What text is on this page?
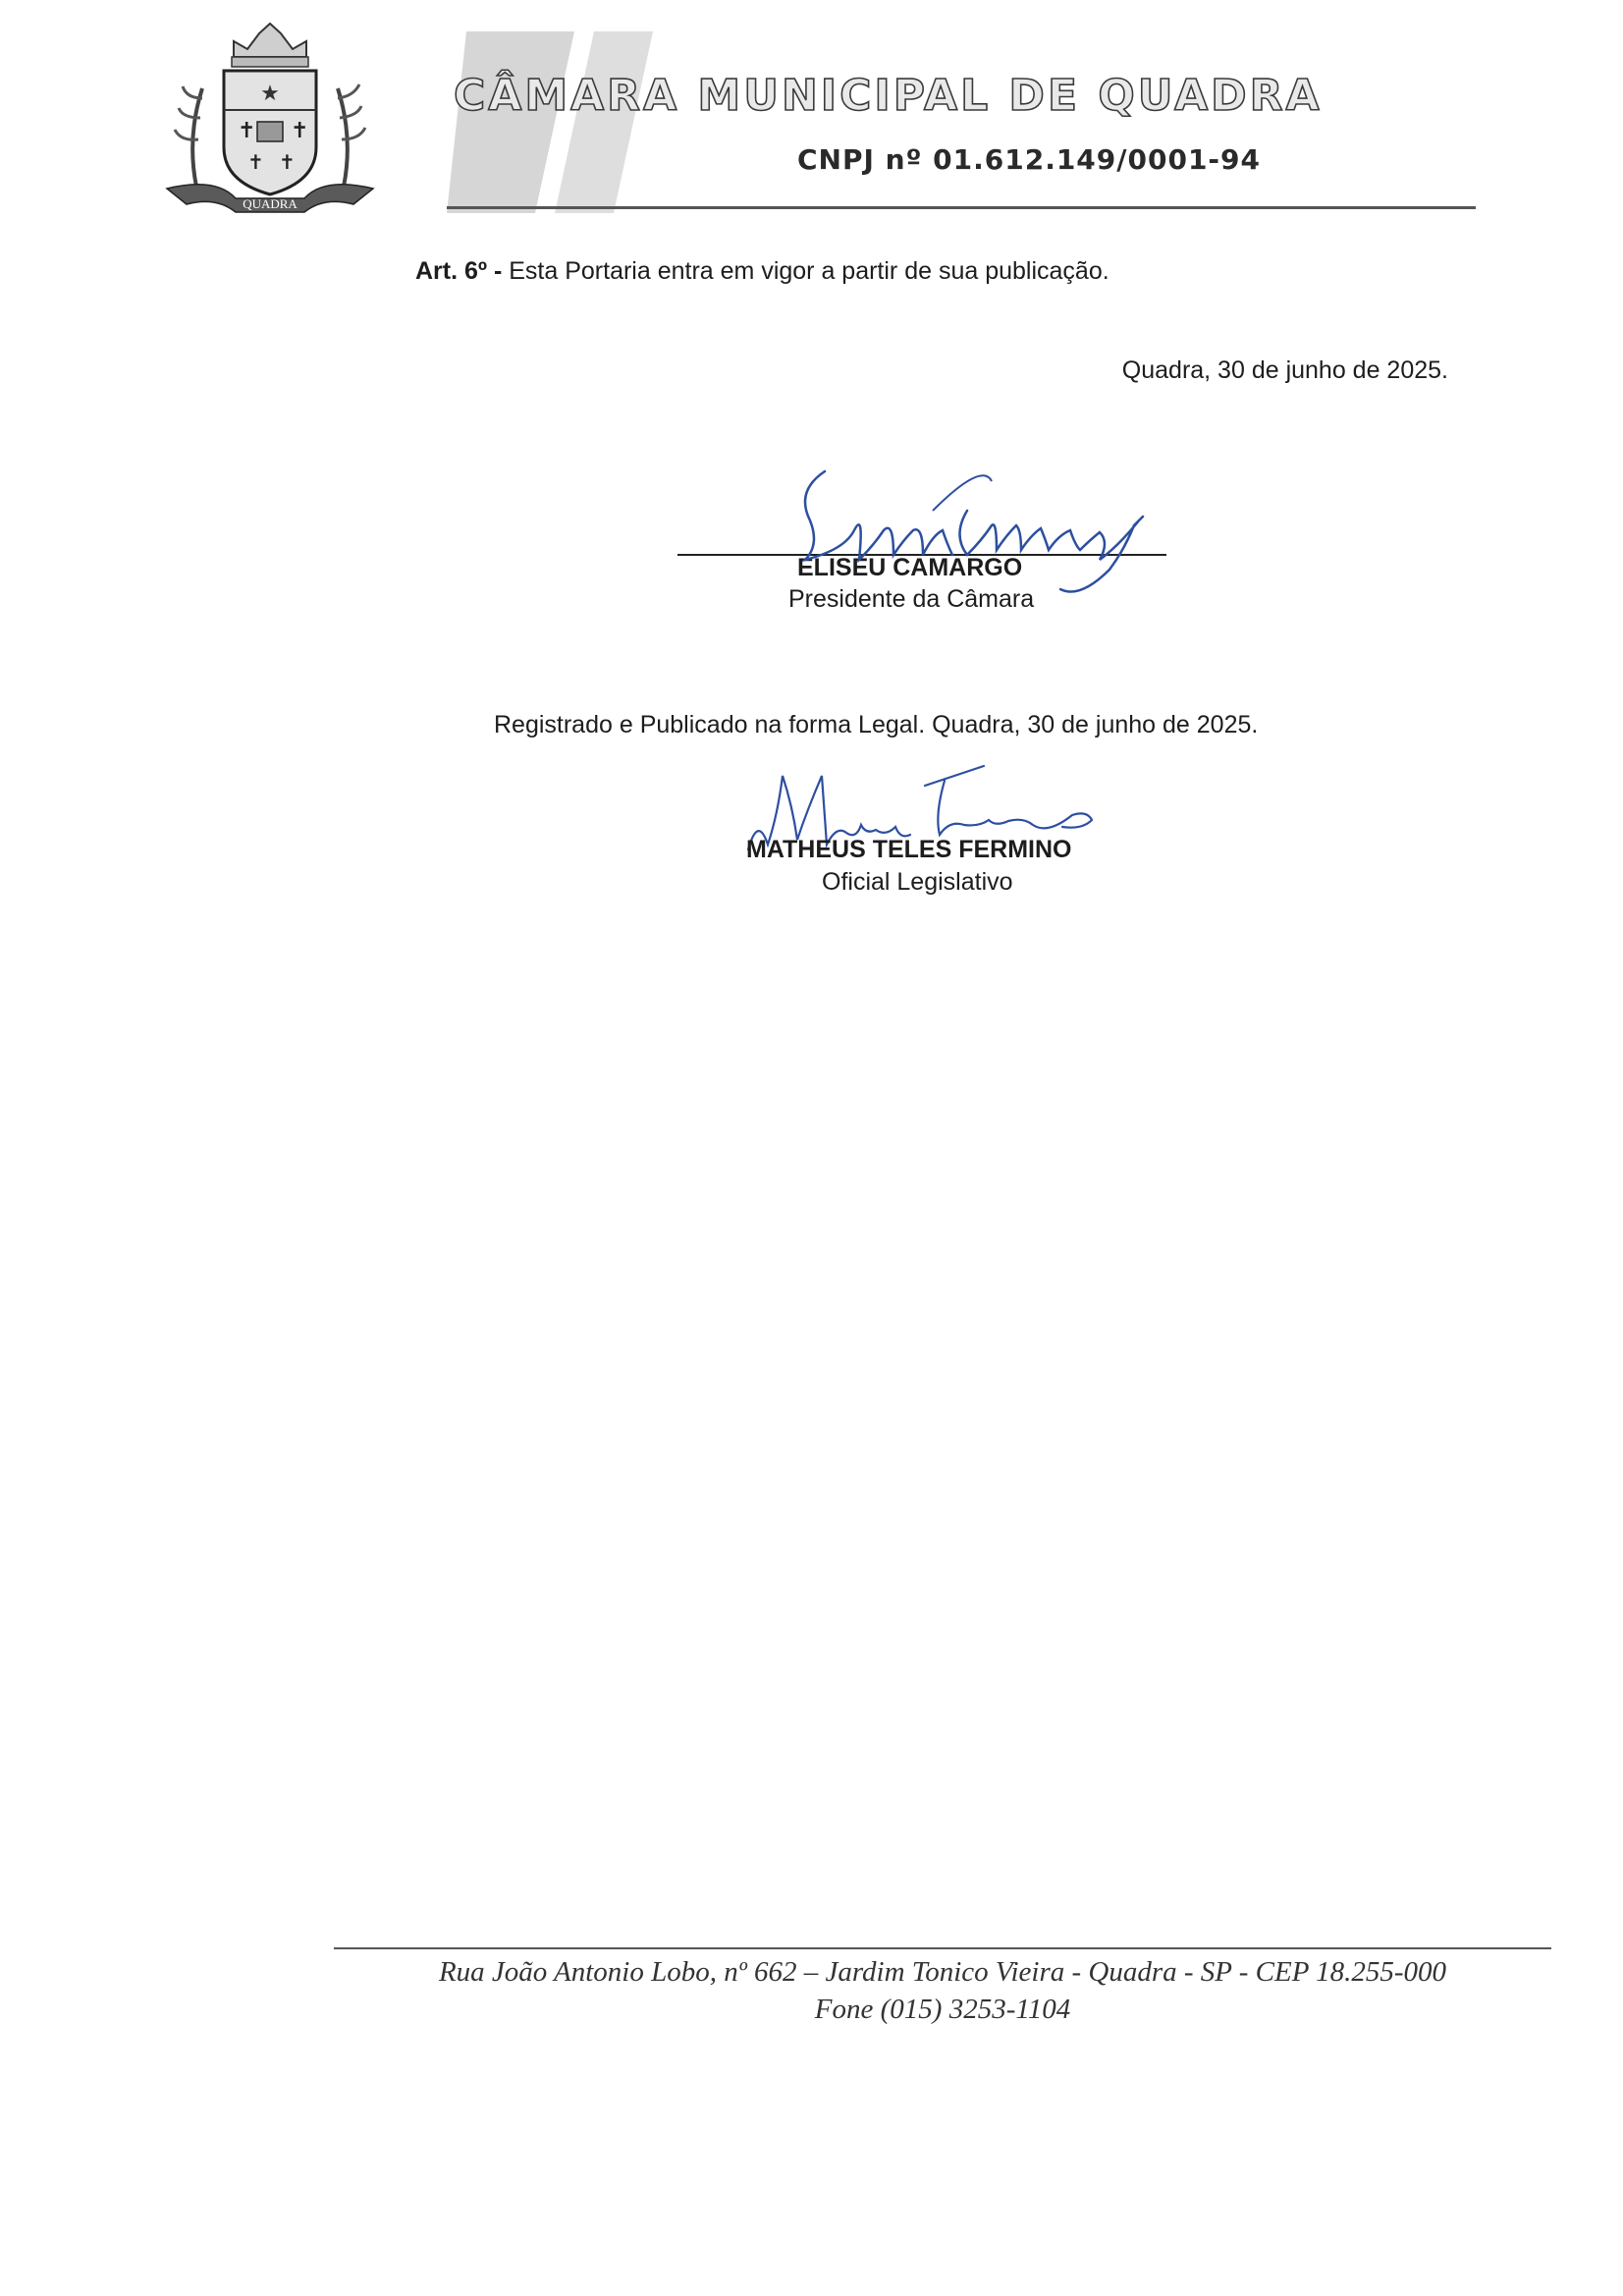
★
✝ ✝
✝ ✝
QUADRA
CÂMARA MUNICIPAL DE QUADRA
CNPJ nº 01.612.149/0001-94
Art. 6º - Esta Portaria entra em vigor a partir de sua publicação.
Quadra, 30 de junho de 2025.
ELISEU CAMARGO
Presidente da Câmara
Registrado e Publicado na forma Legal. Quadra, 30 de junho de 2025.
MATHEUS TELES FERMINO
Oficial Legislativo
Rua João Antonio Lobo, nº 662 – Jardim Tonico Vieira - Quadra - SP - CEP 18.255-000
Fone (015) 3253-1104
